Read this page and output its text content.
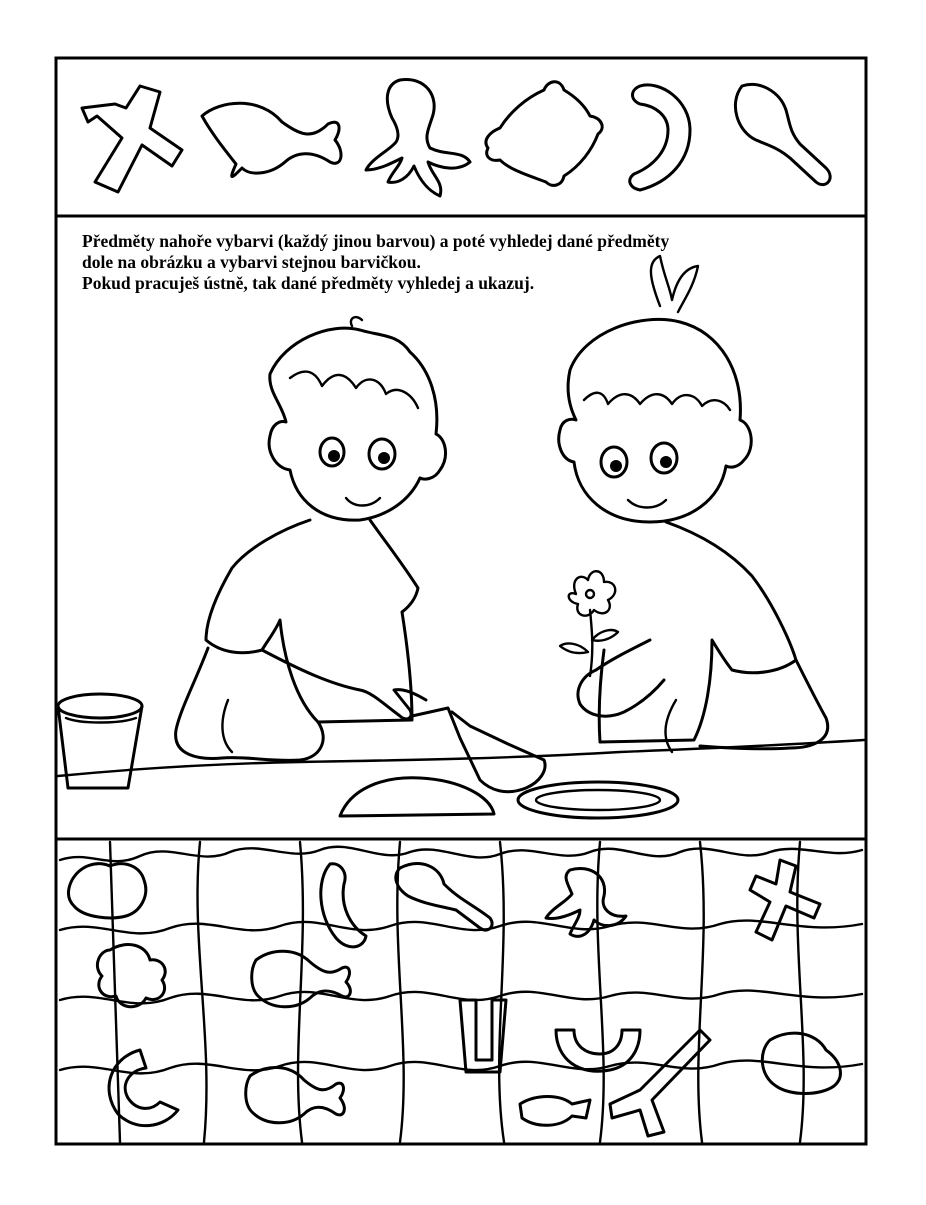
Předměty nahoře vybarvi (každý jinou barvou) a poté vyhledej dané předměty
dole na obrázku a vybarvi stejnou barvičkou.
Pokud pracuješ ústně, tak dané předměty vyhledej a ukazuj.
